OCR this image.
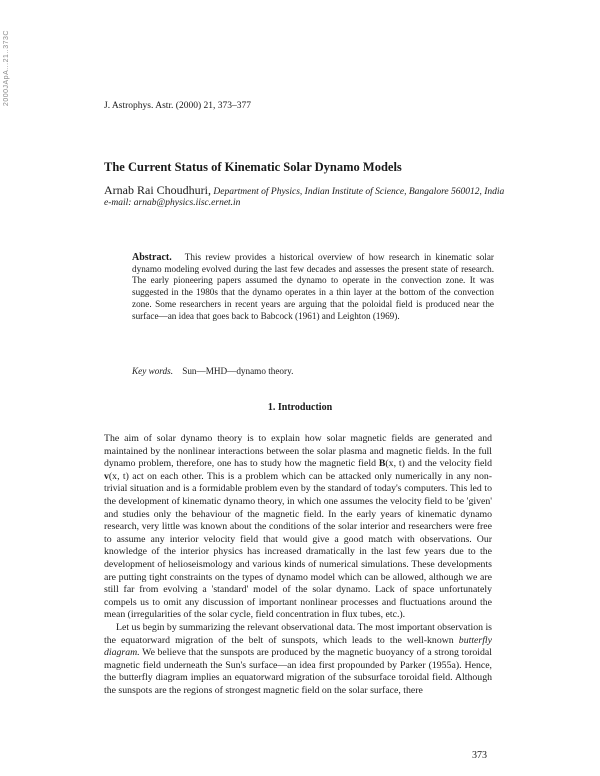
2000JApA...21..373C	J. Astrophys. Astr. (2000) 21, 373–377
The Current Status of Kinematic Solar Dynamo Models
Arnab Rai Choudhuri, Department of Physics, Indian Institute of Science, Bangalore 560012, India
e-mail: arnab@physics.iisc.ernet.in

Abstract. This review provides a historical overview of how research in kinematic solar dynamo modeling evolved during the last few decades and assesses the present state of research. The early pioneering papers assumed the dynamo to operate in the convection zone. It was suggested in the 1980s that the dynamo operates in a thin layer at the bottom of the convection zone. Some researchers in recent years are arguing that the poloidal field is produced near the surface—an idea that goes back to Babcock (1961) and Leighton (1969).

Key words. Sun—MHD—dynamo theory.
1. Introduction

The aim of solar dynamo theory is to explain how solar magnetic fields are generated and maintained by the nonlinear interactions between the solar plasma and magnetic fields. In the full dynamo problem, therefore, one has to study how the magnetic field B(x, t) and the velocity field v(x, t) act on each other. This is a problem which can be attacked only numerically in any non-trivial situation and is a formidable problem even by the standard of today's computers. This led to the development of kinematic dynamo theory, in which one assumes the velocity field to be 'given' and studies only the behaviour of the magnetic field. In the early years of kinematic dynamo research, very little was known about the conditions of the solar interior and researchers were free to assume any interior velocity field that would give a good match with observations. Our knowledge of the interior physics has increased dramatically in the last few years due to the development of helioseismology and various kinds of numerical simulations. These developments are putting tight constraints on the types of dynamo model which can be allowed, although we are still far from evolving a 'standard' model of the solar dynamo. Lack of space unfortunately compels us to omit any discussion of important nonlinear processes and fluctuations around the mean (irregularities of the solar cycle, field concentration in flux tubes, etc.).

Let us begin by summarizing the relevant observational data. The most important observation is the equatorward migration of the belt of sunspots, which leads to the well-known butterfly diagram. We believe that the sunspots are produced by the magnetic buoyancy of a strong toroidal magnetic field underneath the Sun's surface—an idea first propounded by Parker (1955a). Hence, the butterfly diagram implies an equatorward migration of the subsurface toroidal field. Although the sunspots are the regions of strongest magnetic field on the solar surface, there

373
